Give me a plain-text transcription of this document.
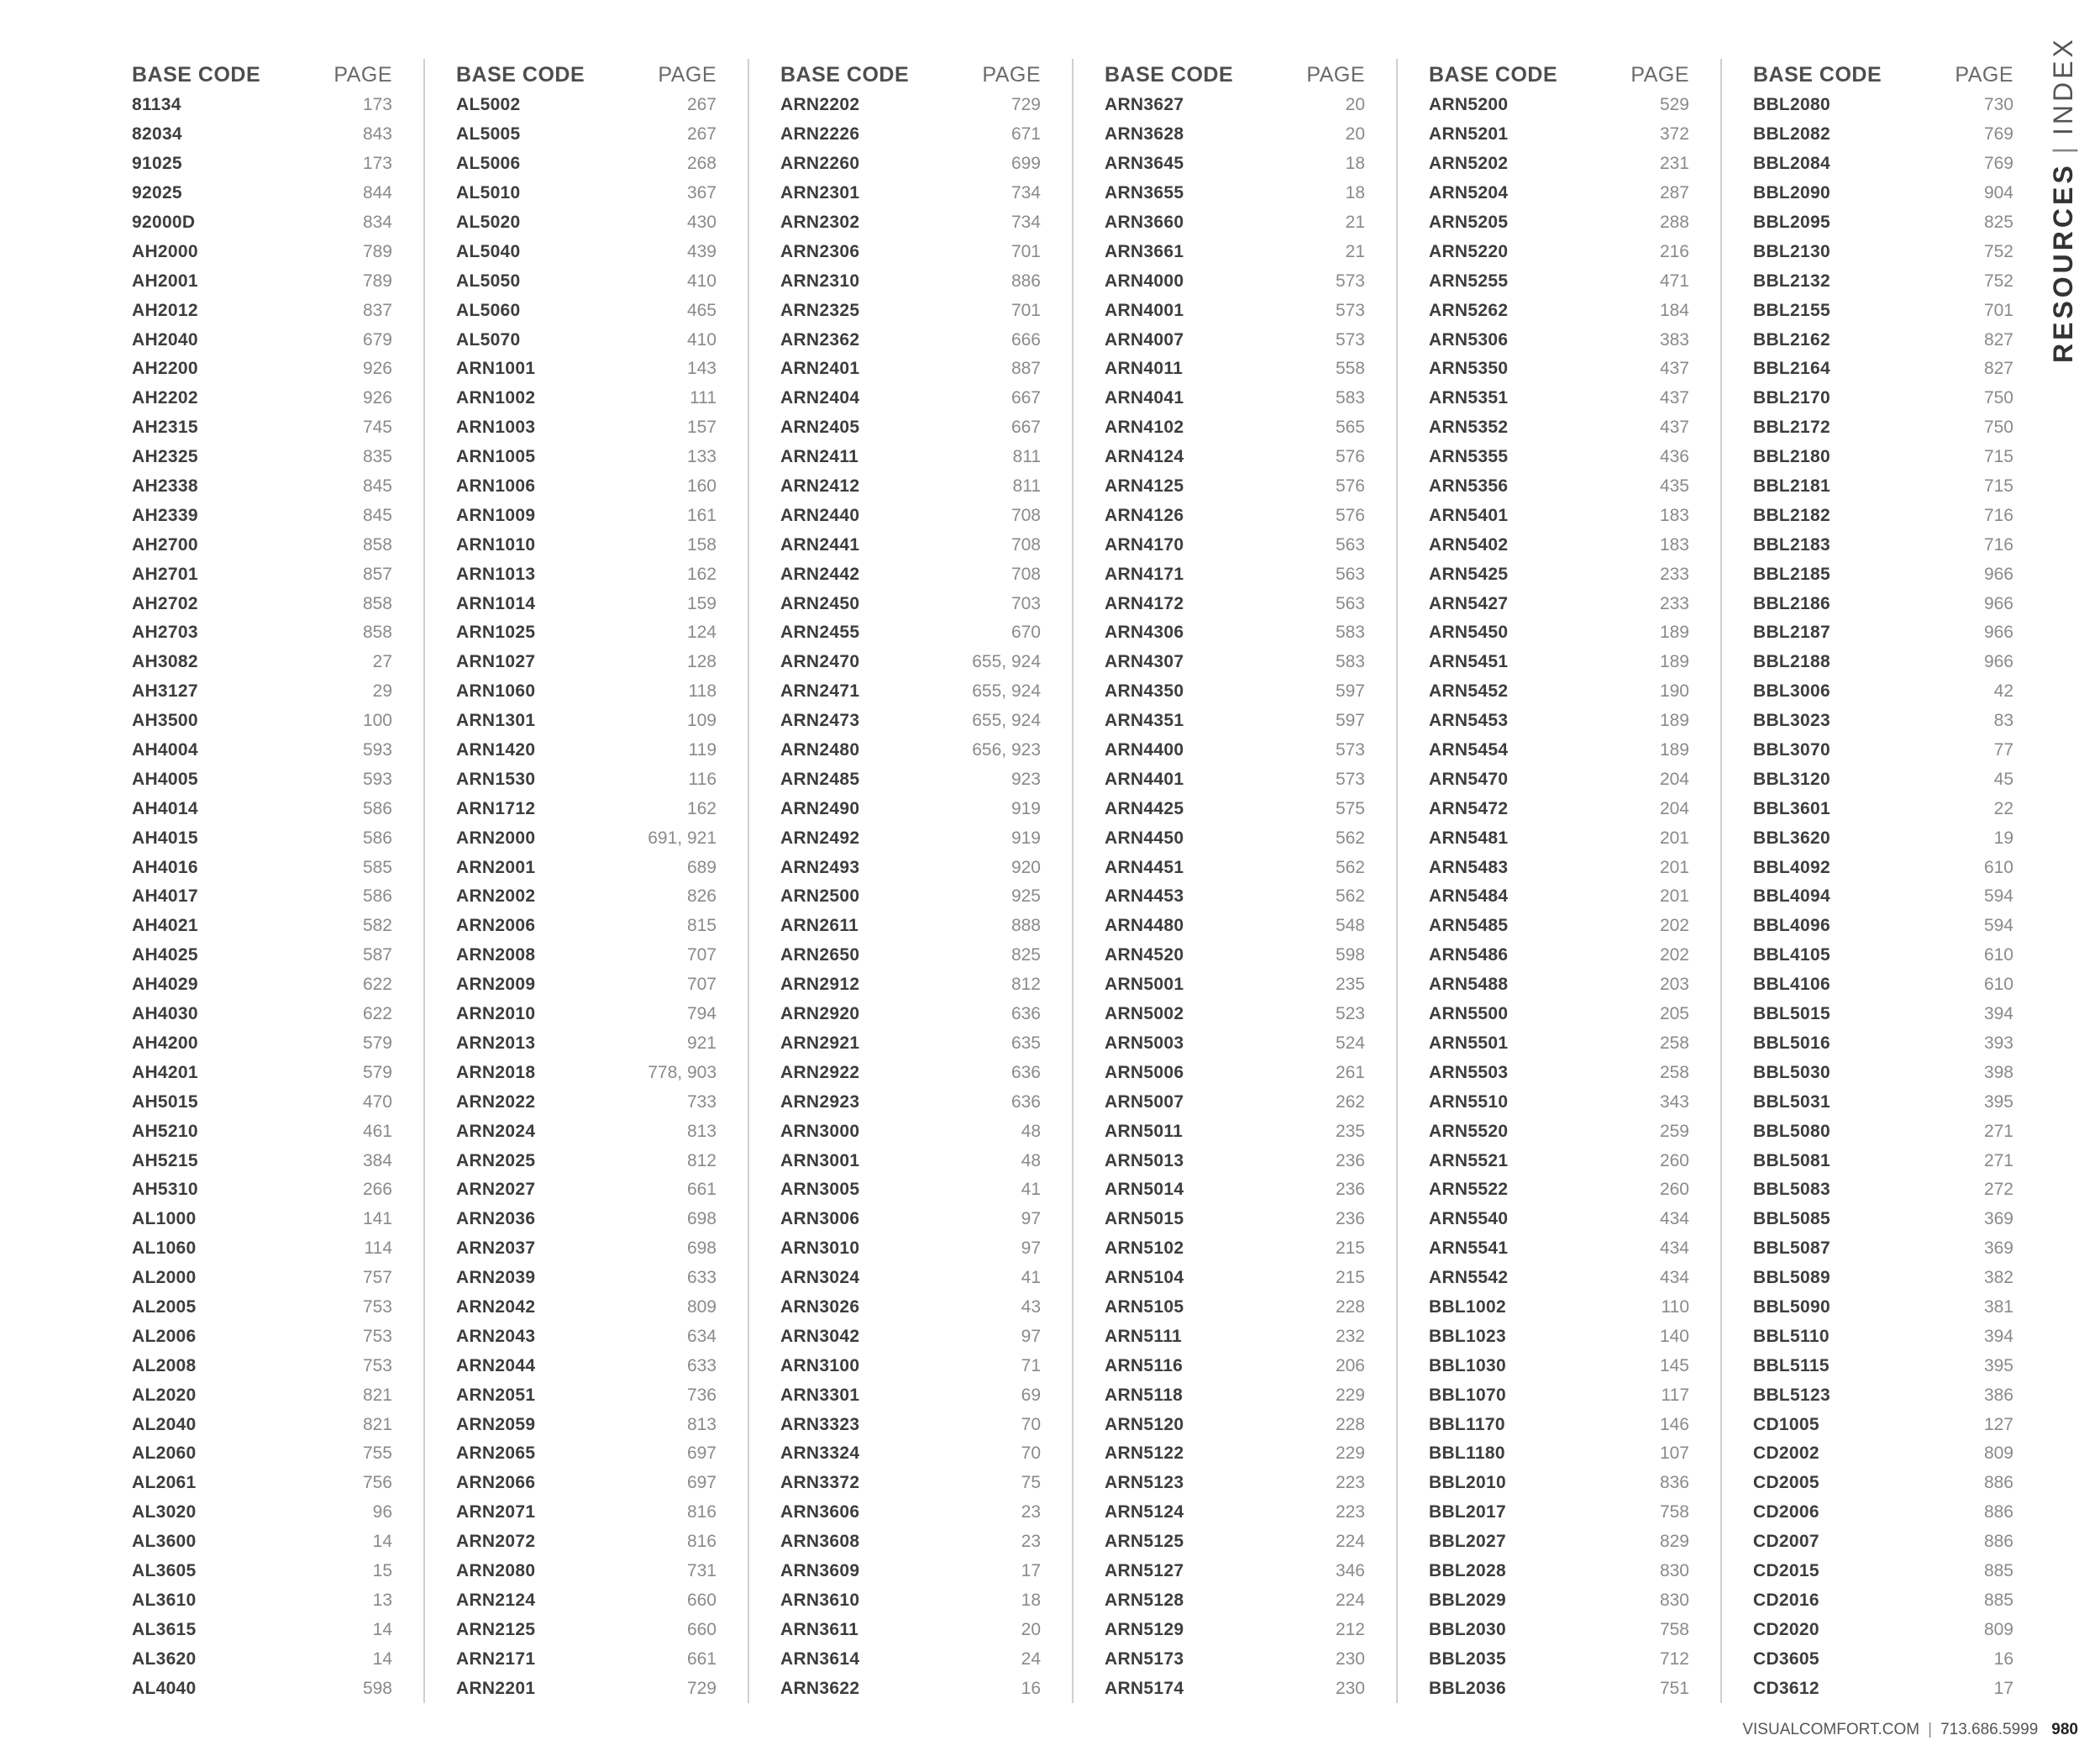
BASE CODE	PAGE
81134	173
82034	843
91025	173
92025	844
92000D	834
AH2000	789
AH2001	789
AH2012	837
AH2040	679
AH2200	926
AH2202	926
AH2315	745
AH2325	835
AH2338	845
AH2339	845
AH2700	858
AH2701	857
AH2702	858
AH2703	858
AH3082	27
AH3127	29
AH3500	100
AH4004	593
AH4005	593
AH4014	586
AH4015	586
AH4016	585
AH4017	586
AH4021	582
AH4025	587
AH4029	622
AH4030	622
AH4200	579
AH4201	579
AH5015	470
AH5210	461
AH5215	384
AH5310	266
AL1000	141
AL1060	114
AL2000	757
AL2005	753
AL2006	753
AL2008	753
AL2020	821
AL2040	821
AL2060	755
AL2061	756
AL3020	96
AL3600	14
AL3605	15
AL3610	13
AL3615	14
AL3620	14
AL4040	598
BASE CODE	PAGE
AL5002	267
AL5005	267
AL5006	268
AL5010	367
AL5020	430
AL5040	439
AL5050	410
AL5060	465
AL5070	410
ARN1001	143
ARN1002	111
ARN1003	157
ARN1005	133
ARN1006	160
ARN1009	161
ARN1010	158
ARN1013	162
ARN1014	159
ARN1025	124
ARN1027	128
ARN1060	118
ARN1301	109
ARN1420	119
ARN1530	116
ARN1712	162
ARN2000	691, 921
ARN2001	689
ARN2002	826
ARN2006	815
ARN2008	707
ARN2009	707
ARN2010	794
ARN2013	921
ARN2018	778, 903
ARN2022	733
ARN2024	813
ARN2025	812
ARN2027	661
ARN2036	698
ARN2037	698
ARN2039	633
ARN2042	809
ARN2043	634
ARN2044	633
ARN2051	736
ARN2059	813
ARN2065	697
ARN2066	697
ARN2071	816
ARN2072	816
ARN2080	731
ARN2124	660
ARN2125	660
ARN2171	661
ARN2201	729
BASE CODE	PAGE
ARN2202	729
ARN2226	671
ARN2260	699
ARN2301	734
ARN2302	734
ARN2306	701
ARN2310	886
ARN2325	701
ARN2362	666
ARN2401	887
ARN2404	667
ARN2405	667
ARN2411	811
ARN2412	811
ARN2440	708
ARN2441	708
ARN2442	708
ARN2450	703
ARN2455	670
ARN2470	655, 924
ARN2471	655, 924
ARN2473	655, 924
ARN2480	656, 923
ARN2485	923
ARN2490	919
ARN2492	919
ARN2493	920
ARN2500	925
ARN2611	888
ARN2650	825
ARN2912	812
ARN2920	636
ARN2921	635
ARN2922	636
ARN2923	636
ARN3000	48
ARN3001	48
ARN3005	41
ARN3006	97
ARN3010	97
ARN3024	41
ARN3026	43
ARN3042	97
ARN3100	71
ARN3301	69
ARN3323	70
ARN3324	70
ARN3372	75
ARN3606	23
ARN3608	23
ARN3609	17
ARN3610	18
ARN3611	20
ARN3614	24
ARN3622	16
BASE CODE	PAGE
ARN3627	20
ARN3628	20
ARN3645	18
ARN3655	18
ARN3660	21
ARN3661	21
ARN4000	573
ARN4001	573
ARN4007	573
ARN4011	558
ARN4041	583
ARN4102	565
ARN4124	576
ARN4125	576
ARN4126	576
ARN4170	563
ARN4171	563
ARN4172	563
ARN4306	583
ARN4307	583
ARN4350	597
ARN4351	597
ARN4400	573
ARN4401	573
ARN4425	575
ARN4450	562
ARN4451	562
ARN4453	562
ARN4480	548
ARN4520	598
ARN5001	235
ARN5002	523
ARN5003	524
ARN5006	261
ARN5007	262
ARN5011	235
ARN5013	236
ARN5014	236
ARN5015	236
ARN5102	215
ARN5104	215
ARN5105	228
ARN5111	232
ARN5116	206
ARN5118	229
ARN5120	228
ARN5122	229
ARN5123	223
ARN5124	223
ARN5125	224
ARN5127	346
ARN5128	224
ARN5129	212
ARN5173	230
ARN5174	230
BASE CODE	PAGE
ARN5200	529
ARN5201	372
ARN5202	231
ARN5204	287
ARN5205	288
ARN5220	216
ARN5255	471
ARN5262	184
ARN5306	383
ARN5350	437
ARN5351	437
ARN5352	437
ARN5355	436
ARN5356	435
ARN5401	183
ARN5402	183
ARN5425	233
ARN5427	233
ARN5450	189
ARN5451	189
ARN5452	190
ARN5453	189
ARN5454	189
ARN5470	204
ARN5472	204
ARN5481	201
ARN5483	201
ARN5484	201
ARN5485	202
ARN5486	202
ARN5488	203
ARN5500	205
ARN5501	258
ARN5503	258
ARN5510	343
ARN5520	259
ARN5521	260
ARN5522	260
ARN5540	434
ARN5541	434
ARN5542	434
BBL1002	110
BBL1023	140
BBL1030	145
BBL1070	117
BBL1170	146
BBL1180	107
BBL2010	836
BBL2017	758
BBL2027	829
BBL2028	830
BBL2029	830
BBL2030	758
BBL2035	712
BBL2036	751
BASE CODE	PAGE
BBL2080	730
BBL2082	769
BBL2084	769
BBL2090	904
BBL2095	825
BBL2130	752
BBL2132	752
BBL2155	701
BBL2162	827
BBL2164	827
BBL2170	750
BBL2172	750
BBL2180	715
BBL2181	715
BBL2182	716
BBL2183	716
BBL2185	966
BBL2186	966
BBL2187	966
BBL2188	966
BBL3006	42
BBL3023	83
BBL3070	77
BBL3120	45
BBL3601	22
BBL3620	19
BBL4092	610
BBL4094	594
BBL4096	594
BBL4105	610
BBL4106	610
BBL5015	394
BBL5016	393
BBL5030	398
BBL5031	395
BBL5080	271
BBL5081	271
BBL5083	272
BBL5085	369
BBL5087	369
BBL5089	382
BBL5090	381
BBL5110	394
BBL5115	395
BBL5123	386
CD1005	127
CD2002	809
CD2005	886
CD2006	886
CD2007	886
CD2015	885
CD2016	885
CD2020	809
CD3605	16
CD3612	17
RESOURCES|INDEX
VISUALCOMFORT.COM | 713.686.5999 980
